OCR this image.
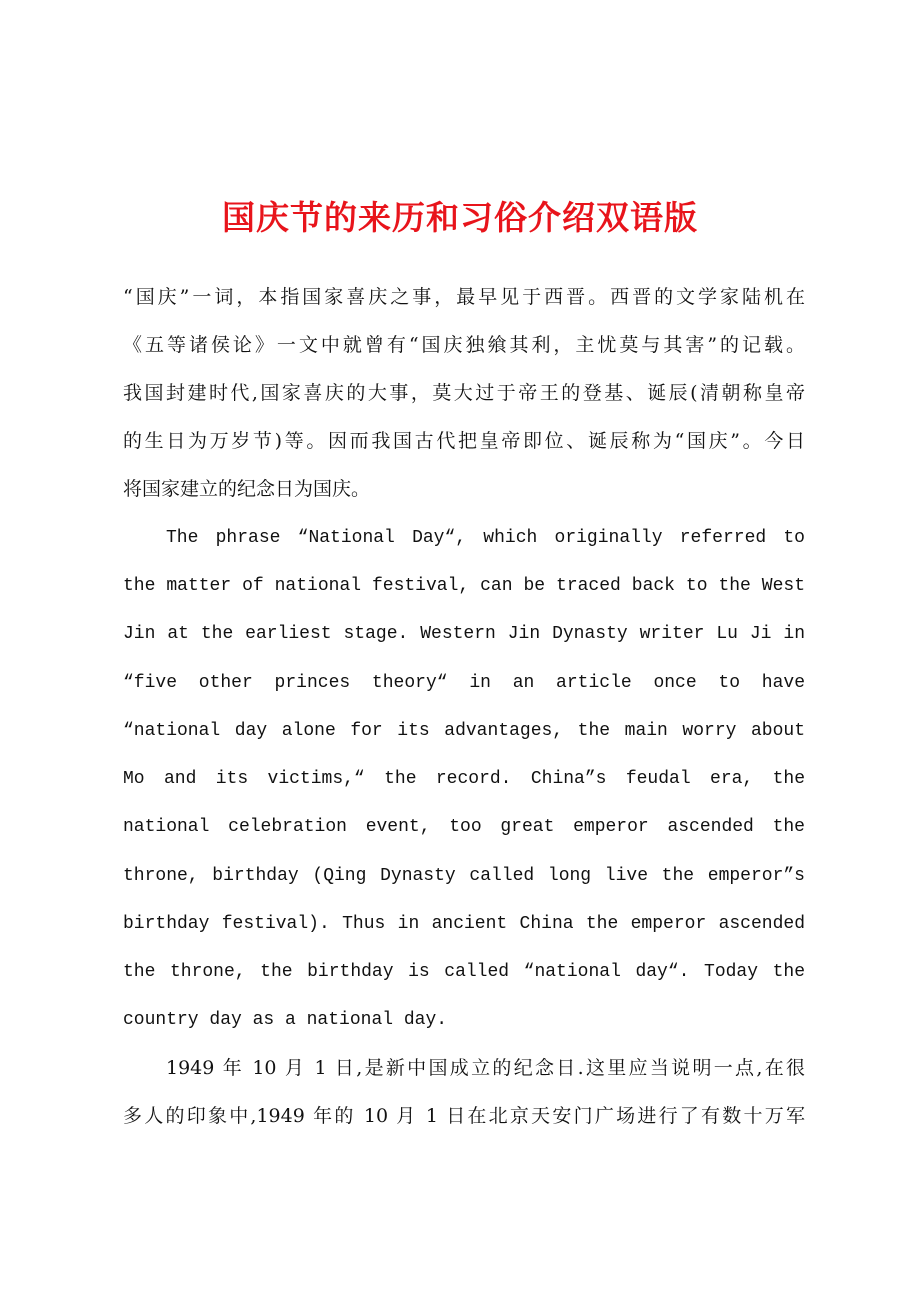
国庆节的来历和习俗介绍双语版
“国庆”一词，本指国家喜庆之事，最早见于西晋。西晋的文学家陆机在
《五等诸侯论》一文中就曾有“国庆独飨其利，主忧莫与其害”的记载。
我国封建时代,国家喜庆的大事，莫大过于帝王的登基、诞辰(清朝称皇帝
的生日为万岁节)等。因而我国古代把皇帝即位、诞辰称为“国庆”。今日
将国家建立的纪念日为国庆。
The phrase “National Day“, which originally referred to
the matter of national festival, can be traced back to the West
Jin at the earliest stage. Western Jin Dynasty writer Lu Ji in
“five other princes theory“ in an article once to have
“national day alone for its advantages, the main worry about
Mo and its victims,“ the record. China”s feudal era, the
national celebration event, too great emperor ascended the
throne, birthday (Qing Dynasty called long live the emperor”s
birthday festival). Thus in ancient China the emperor ascended
the throne, the birthday is called “national day“. Today the
country day as a national day.
1949 年 10 月 1 日,是新中国成立的纪念日.这里应当说明一点,在很
多人的印象中,1949 年的 10 月 1 日在北京天安门广场进行了有数十万军
